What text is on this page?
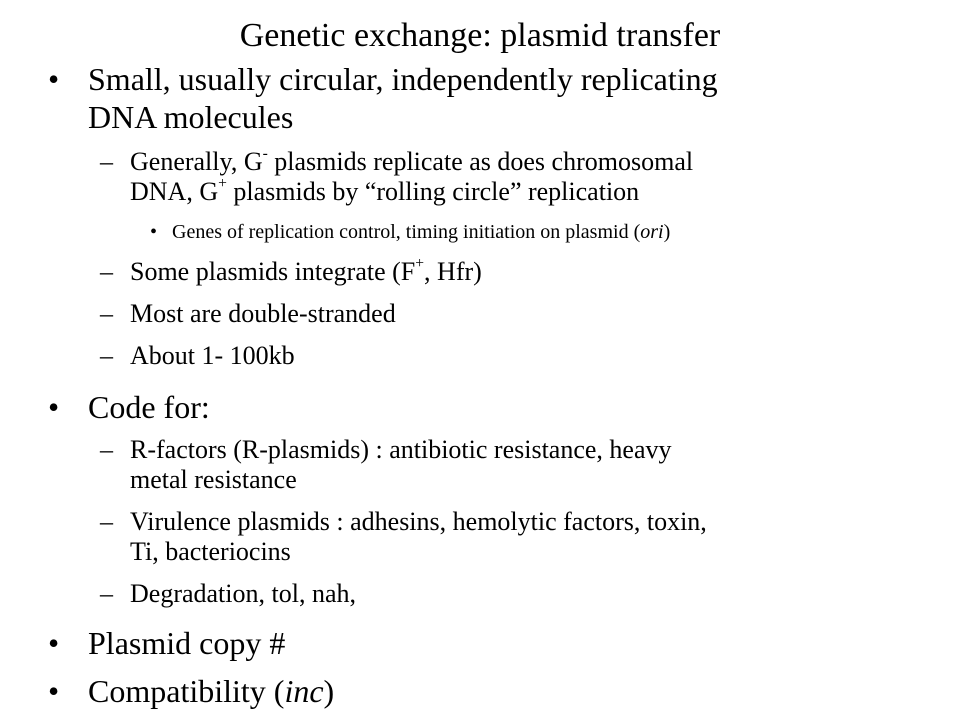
Genetic exchange: plasmid transfer
• Small, usually circular, independently replicating
DNA molecules
– Generally, G- plasmids replicate as does chromosomal
DNA, G+ plasmids by “rolling circle” replication
• Genes of replication control, timing initiation on plasmid (ori)
– Some plasmids integrate (F+, Hfr)
– Most are double-stranded
– About 1- 100kb
• Code for:
– R-factors (R-plasmids) : antibiotic resistance, heavy
metal resistance
– Virulence plasmids : adhesins, hemolytic factors, toxin,
Ti, bacteriocins
– Degradation, tol, nah,
• Plasmid copy #
• Compatibility (inc)
